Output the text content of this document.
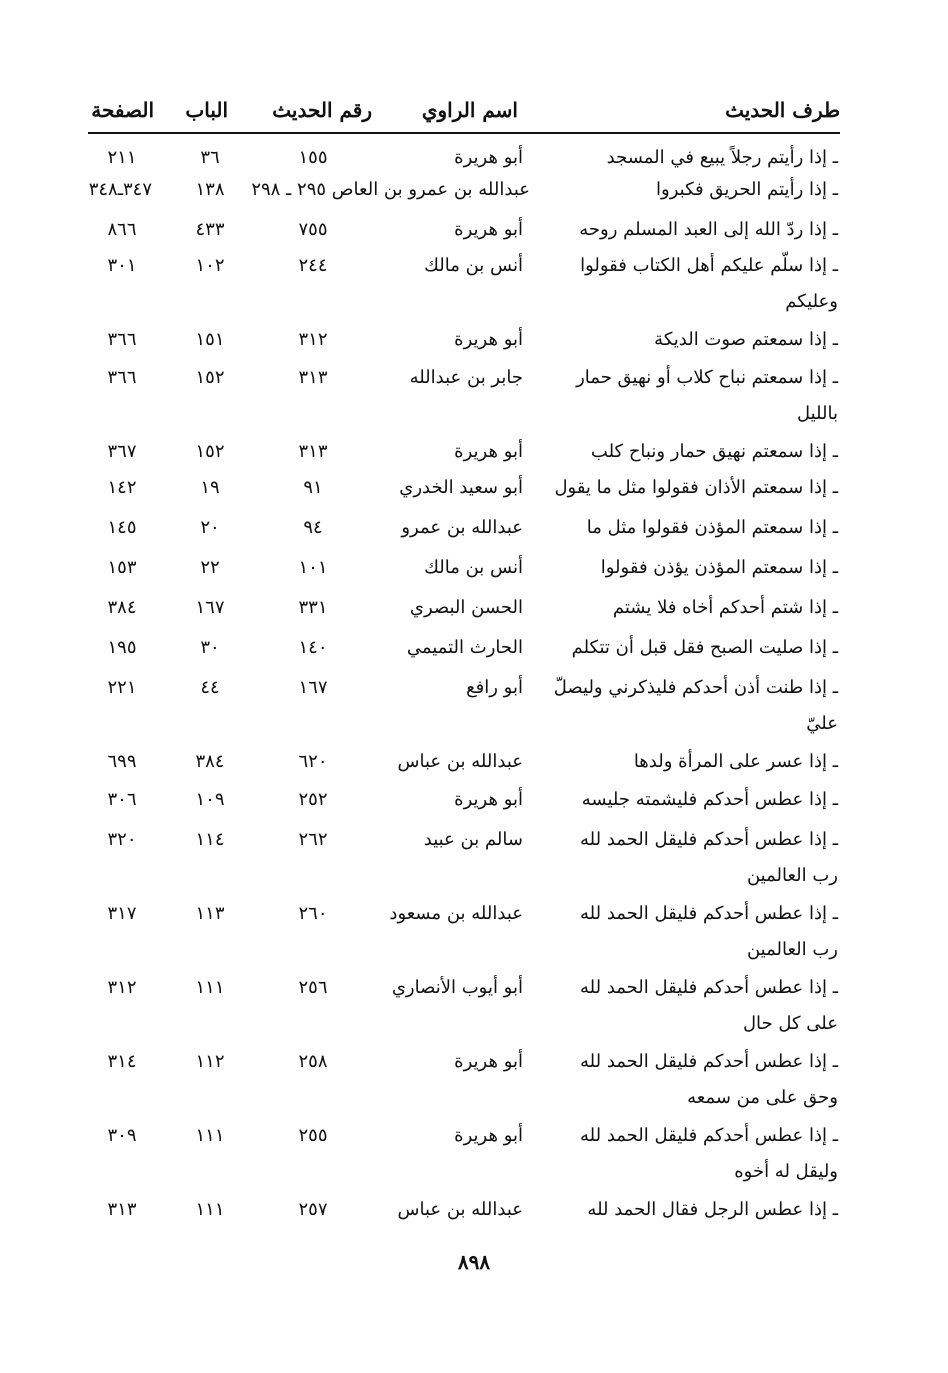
طرف الحديث
اسم الراوي
رقم الحديث
الباب
الصفحة
ـ إذا رأيتم رجلاً يبيع في المسجد
أبو هريرة
١٥٥
٣٦
٢١١
ـ إذا رأيتم الحريق فكبروا
عبدالله بن عمرو بن العاص ٢٩٥ ـ ٢٩٨
١٣٨
٣٤٧ـ٣٤٨
ـ إذا ردّ الله إلى العبد المسلم روحه
أبو هريرة
٧٥٥
٤٣٣
٨٦٦
ـ إذا سلّم عليكم أهل الكتاب فقولوا وعليكم
أنس بن مالك
٢٤٤
١٠٢
٣٠١
ـ إذا سمعتم صوت الديكة
أبو هريرة
٣١٢
١٥١
٣٦٦
ـ إذا سمعتم نباح كلاب أو نهيق حمار بالليل
جابر بن عبدالله
٣١٣
١٥٢
٣٦٦
ـ إذا سمعتم نهيق حمار ونباح كلب
أبو هريرة
٣١٣
١٥٢
٣٦٧
ـ إذا سمعتم الأذان فقولوا مثل ما يقول
أبو سعيد الخدري
٩١
١٩
١٤٢
ـ إذا سمعتم المؤذن فقولوا مثل ما
عبدالله بن عمرو
٩٤
٢٠
١٤٥
ـ إذا سمعتم المؤذن يؤذن فقولوا
أنس بن مالك
١٠١
٢٢
١٥٣
ـ إذا شتم أحدكم أخاه فلا يشتم
الحسن البصري
٣٣١
١٦٧
٣٨٤
ـ إذا صليت الصبح فقل قبل أن تتكلم
الحارث التميمي
١٤٠
٣٠
١٩٥
ـ إذا طنت أذن أحدكم فليذكرني وليصلّ عليّ
أبو رافع
١٦٧
٤٤
٢٢١
ـ إذا عسر على المرأة ولدها
عبدالله بن عباس
٦٢٠
٣٨٤
٦٩٩
ـ إذا عطس أحدكم فليشمته جليسه
أبو هريرة
٢٥٢
١٠٩
٣٠٦
ـ إذا عطس أحدكم فليقل الحمد لله رب العالمين
سالم بن عبيد
٢٦٢
١١٤
٣٢٠
ـ إذا عطس أحدكم فليقل الحمد لله رب العالمين
عبدالله بن مسعود
٢٦٠
١١٣
٣١٧
ـ إذا عطس أحدكم فليقل الحمد لله على كل حال
أبو أيوب الأنصاري
٢٥٦
١١١
٣١٢
ـ إذا عطس أحدكم فليقل الحمد لله وحق على من سمعه
أبو هريرة
٢٥٨
١١٢
٣١٤
ـ إذا عطس أحدكم فليقل الحمد لله وليقل له أخوه
أبو هريرة
٢٥٥
١١١
٣٠٩
ـ إذا عطس الرجل فقال الحمد لله
عبدالله بن عباس
٢٥٧
١١١
٣١٣
٨٩٨
